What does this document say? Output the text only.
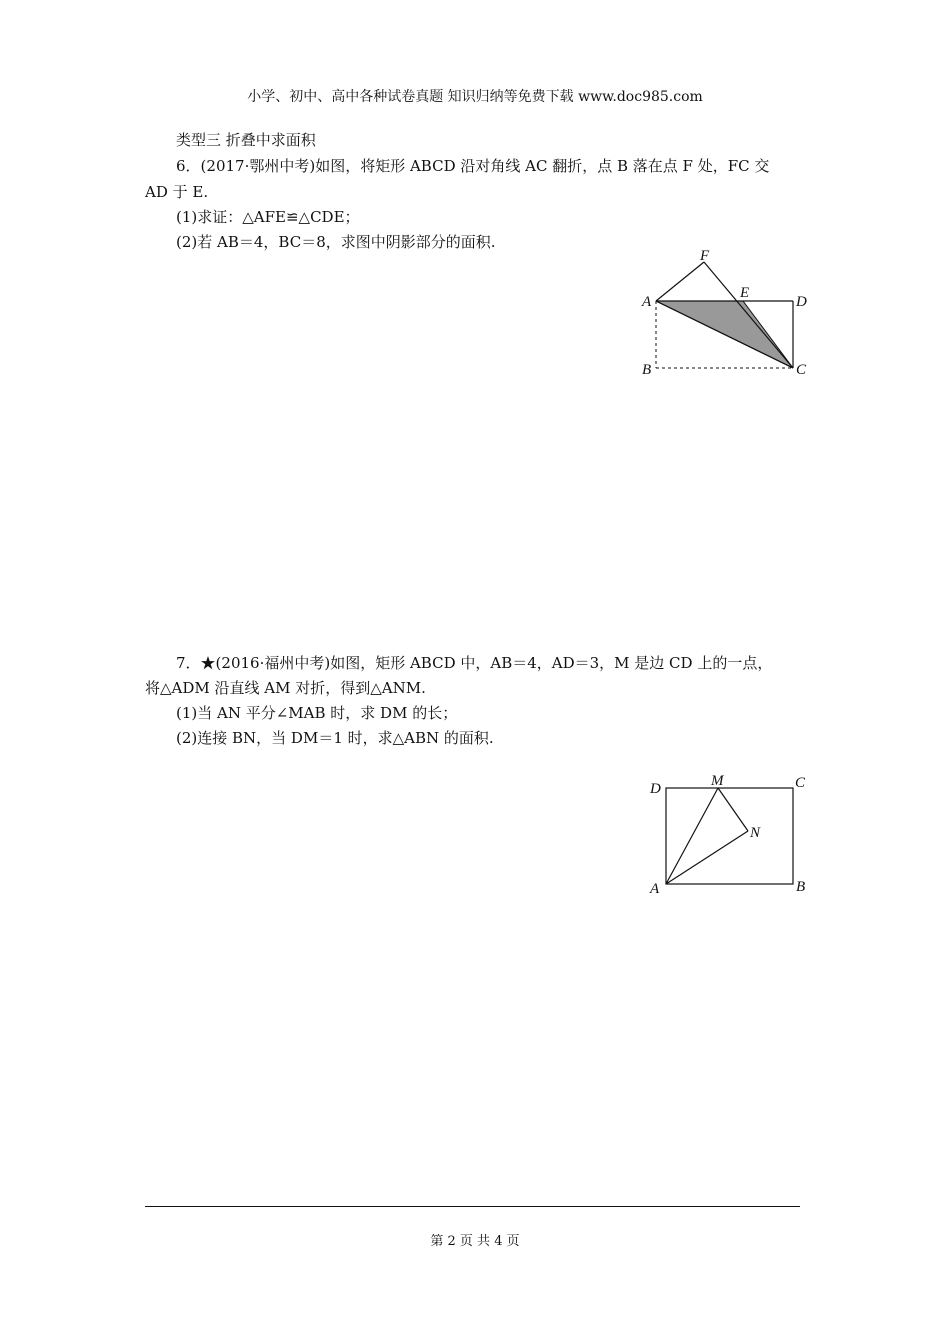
小学、初中、高中各种试卷真题 知识归纳等免费下载 www.doc985.com
类型三 折叠中求面积
6．(2017·鄂州中考)如图，将矩形 ABCD 沿对角线 AC 翻折，点 B 落在点 F 处，FC 交
AD 于 E.
(1)求证：△AFE≌△CDE；
(2)若 AB＝4，BC＝8，求图中阴影部分的面积.
F
A
E
D
B	C
7．★(2016·福州中考)如图，矩形 ABCD 中，AB＝4，AD＝3，M 是边 CD 上的一点，
将△ADM 沿直线 AM 对折，得到△ANM.
(1)当 AN 平分∠MAB 时，求 DM 的长；
(2)连接 BN，当 DM＝1 时，求△ABN 的面积.
D	M	C
N
A	B
第 2 页 共 4 页
